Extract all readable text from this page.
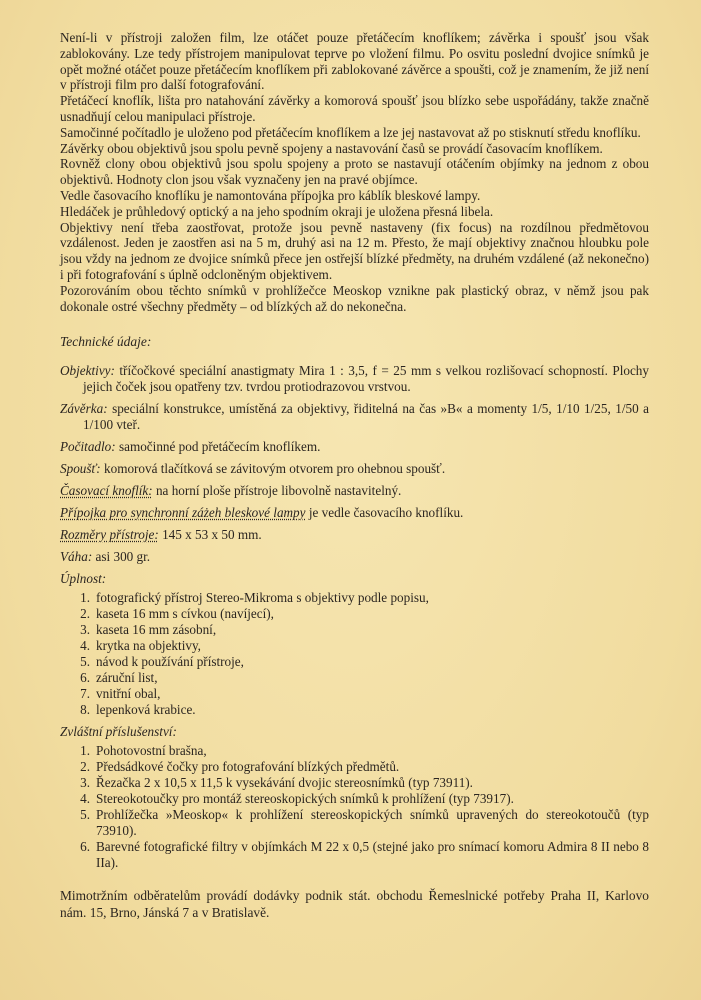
Není-li v přístroji založen film, lze otáčet pouze přetáčecím knoflíkem; závěrka i spoušť jsou však zablokovány. Lze tedy přístrojem manipulovat teprve po vložení filmu. Po osvitu poslední dvojice snímků je opět možné otáčet pouze přetáčecím knoflíkem při zablokované závěrce a spoušti, což je znamením, že již není v přístroji film pro další fotografování.

Přetáčecí knoflík, lišta pro natahování závěrky a komorová spoušť jsou blízko sebe uspořádány, takže značně usnadňují celou manipulaci přístroje.

Samočinné počítadlo je uloženo pod přetáčecím knoflíkem a lze jej nastavovat až po stisknutí středu knoflíku.

Závěrky obou objektivů jsou spolu pevně spojeny a nastavování časů se provádí časovacím knoflíkem.

Rovněž clony obou objektivů jsou spolu spojeny a proto se nastavují otáčením objímky na jednom z obou objektivů. Hodnoty clon jsou však vyznačeny jen na pravé objímce.

Vedle časovacího knoflíku je namontována přípojka pro káblík bleskové lampy.

Hledáček je průhledový optický a na jeho spodním okraji je uložena přesná libela.

Objektivy není třeba zaostřovat, protože jsou pevně nastaveny (fix focus) na rozdílnou předmětovou vzdálenost. Jeden je zaostřen asi na 5 m, druhý asi na 12 m. Přesto, že mají objektivy značnou hloubku pole jsou vždy na jednom ze dvojice snímků přece jen ostřejší blízké předměty, na druhém vzdálené (až nekonečno) i při fotografování s úplně odcloněným objektivem.

Pozorováním obou těchto snímků v prohlížečce Meoskop vznikne pak plastický obraz, v němž jsou pak dokonale ostré všechny předměty – od blízkých až do nekonečna.

Technické údaje:
Objektivy: tříčočkové speciální anastigmaty Mira 1 : 3,5, f = 25 mm s velkou rozlišovací schopností. Plochy jejich čoček jsou opatřeny tzv. tvrdou protiodrazovou vrstvou.
Závěrka: speciální konstrukce, umístěná za objektivy, řiditelná na čas »B« a momenty 1/5, 1/10 1/25, 1/50 a 1/100 vteř.
Počitadlo: samočinné pod přetáčecím knoflíkem.
Spoušť: komorová tlačítková se závitovým otvorem pro ohebnou spoušť.
Časovací knoflík: na horní ploše přístroje libovolně nastavitelný.
Přípojka pro synchronní záżeh bleskové lampy je vedle časovacího knoflíku.
Rozměry přístroje: 145 x 53 x 50 mm.
Váha: asi 300 gr.
Úplnost:
1. fotografický přístroj Stereo-Mikroma s objektivy podle popisu,
2. kaseta 16 mm s cívkou (navíjecí),
3. kaseta 16 mm zásobní,
4. krytka na objektivy,
5. návod k používání přístroje,
6. záruční list,
7. vnitřní obal,
8. lepenková krabice.
Zvláštní příslušenství:
1. Pohotovostní brašna,
2. Předsádkové čočky pro fotografování blízkých předmětů.
3. Řezačka 2 x 10,5 x 11,5 k vysekávání dvojic stereosnímků (typ 73911).
4. Stereokotoučky pro montáž stereoskopických snímků k prohlížení (typ 73917).
5. Prohlížečka »Meoskop« k prohlížení stereoskopických snímků upravených do stereokotoučů (typ 73910).
6. Barevné fotografické filtry v objímkách M 22 x 0,5 (stejné jako pro snímací komoru Admira 8 II nebo 8 IIa).
Mimotržním odběratelům provádí dodávky podnik stát. obchodu Řemeslnické potřeby Praha II, Karlovo nám. 15, Brno, Jánská 7 a v Bratislavě.
